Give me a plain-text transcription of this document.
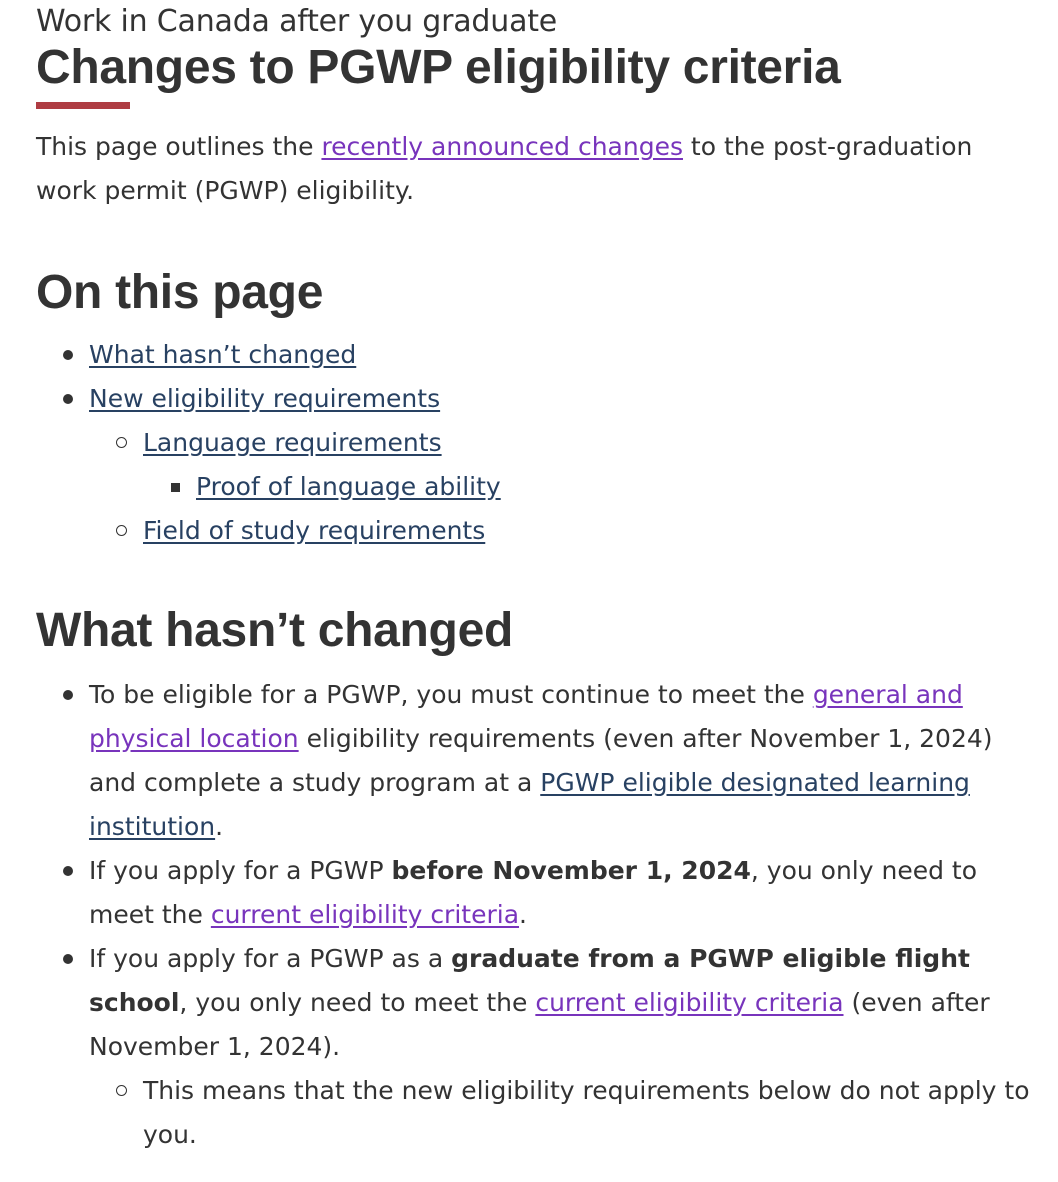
Work in Canada after you graduate
Changes to PGWP eligibility criteria

This page outlines the recently announced changes to the post-graduation work permit (PGWP) eligibility.

On this page
What hasn’t changed
New eligibility requirements
Language requirements
Proof of language ability
Field of study requirements
What hasn’t changed
To be eligible for a PGWP, you must continue to meet the general and physical location eligibility requirements (even after November 1, 2024) and complete a study program at a PGWP eligible designated learning institution.
If you apply for a PGWP before November 1, 2024, you only need to meet the current eligibility criteria.
If you apply for a PGWP as a graduate from a PGWP eligible flight school, you only need to meet the current eligibility criteria (even after November 1, 2024).
This means that the new eligibility requirements below do not apply to you.
